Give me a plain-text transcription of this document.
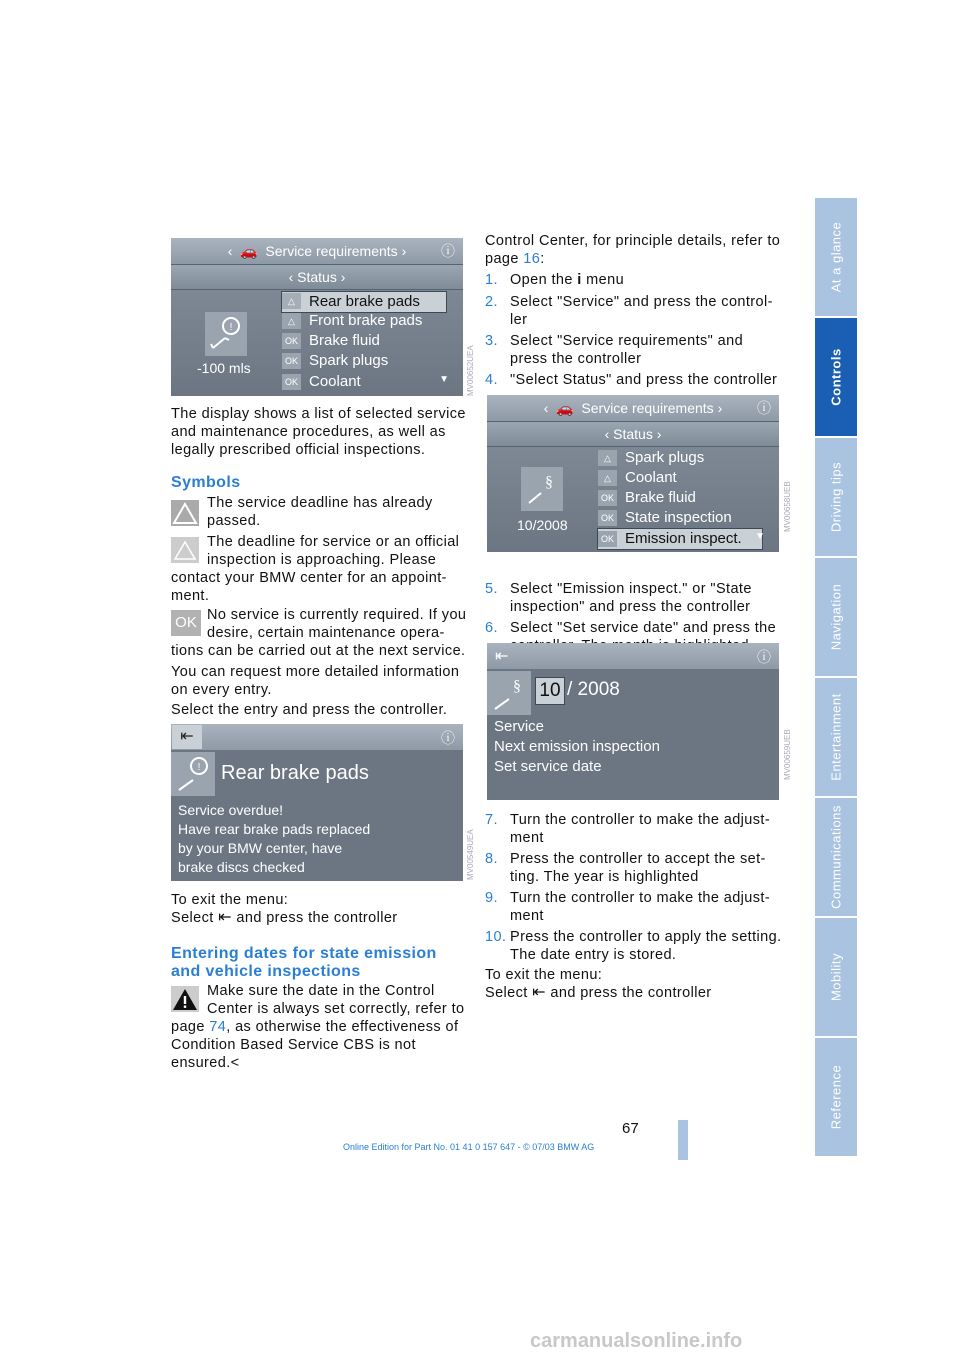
At a glance
Controls
Driving tips
Navigation
Entertainment
Communications
Mobility
Reference
‹  🚗  Service requirements › ⓘ
‹ Status ›
!
-100 mls
△ Rear brake pads
△ Front brake pads
OK Brake fluid
OK Spark plugs
OK Coolant	▼ MV00652UEA

The display shows a list of selected service and maintenance procedures, as well as legally prescribed official inspections.

Symbols

The service deadline has already passed.

The deadline for service or an official

inspection is approaching. Please

contact your BMW center for an appoint-

ment.

OK No service is currently required. If you

desire, certain maintenance opera-

tions can be carried out at the next service.

You can request more detailed information on every entry.

Select the entry and press the controller.

⇤	ⓘ
! Rear brake pads
Service overdue!
Have rear brake pads replaced
by your BMW center, have
brake discs checked	MV00549UEA

To exit the menu:

Select ⇤ and press the controller

Entering dates for state emission and vehicle inspections

Make sure the date in the Control

Center is always set correctly, refer to

page 74, as otherwise the effectiveness of

Condition Based Service CBS is not

ensured.<

Control Center, for principle details, refer to

page 16:

1. Open the i menu

2. Select "Service" and press the control-

ler

3. Select "Service requirements" and

press the controller

4. "Select Status" and press the controller

‹  🚗  Service requirements › ⓘ
‹ Status ›
§
10/2008
△ Spark plugs
△ Coolant
OK Brake fluid
OK State inspection
OK Emission inspect. ▼
MV00658UEB
5. Select "Emission inspect." or "State

inspection" and press the controller

6. Select "Set service date" and press the

⇤	ⓘ
§ 10 / 2008
Service
Next emission inspection
Set service date	MV00659UEB
7. Turn the controller to make the adjust-

ment

8. Press the controller to accept the set-

ting. The year is highlighted

9. Turn the controller to make the adjust-

ment

10. Press the controller to apply the setting.

The date entry is stored.

To exit the menu:

Select ⇤ and press the controller

67
Online Edition for Part No. 01 41 0 157 647 - © 07/03 BMW AG
carmanualsonline.info
